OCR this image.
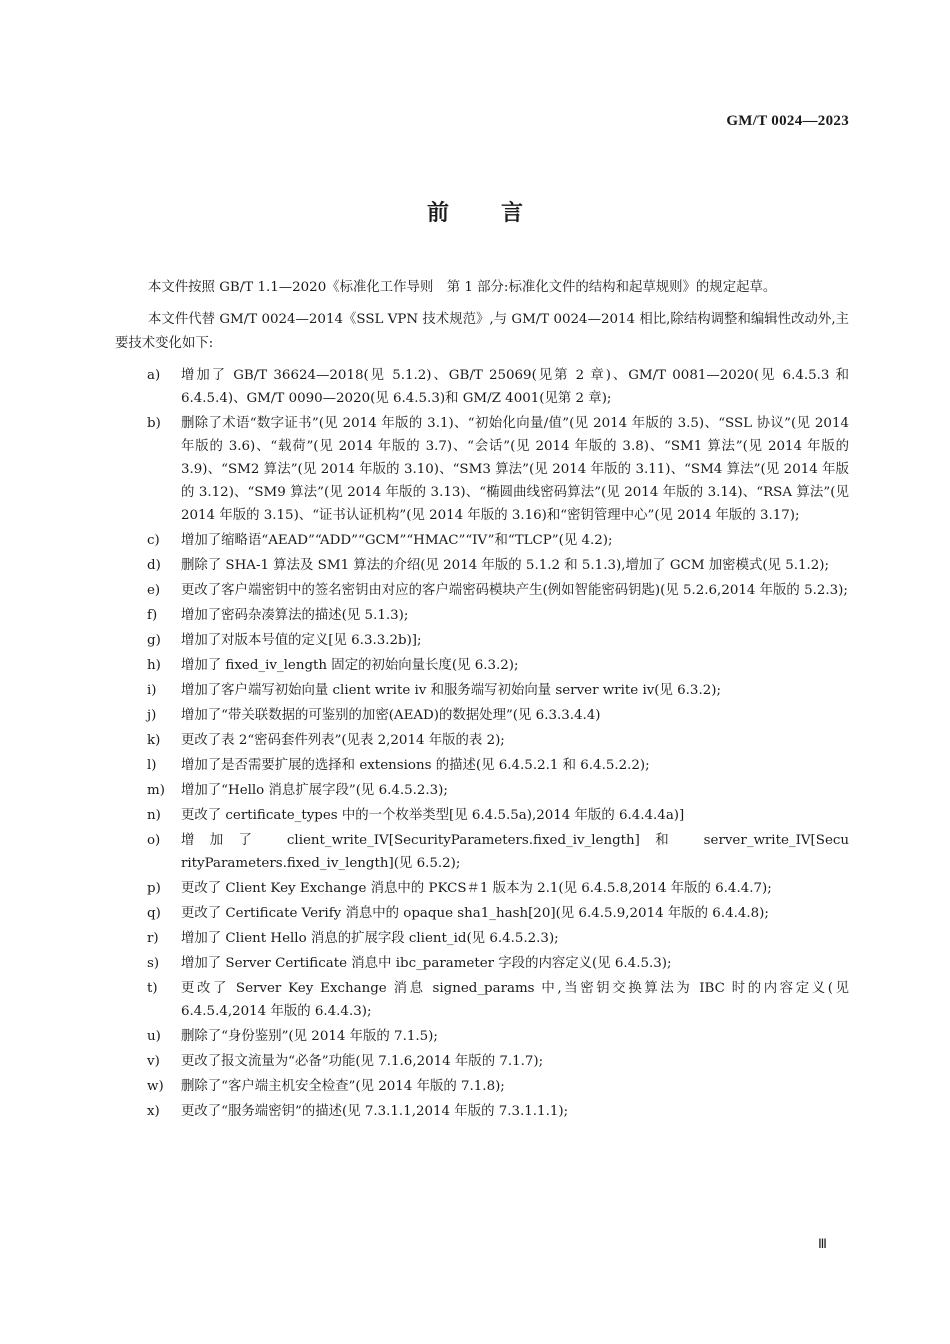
GM/T 0024—2023
前 言

本文件按照 GB/T 1.1—2020《标准化工作导则　第 1 部分:标准化文件的结构和起草规则》的规定起草。

本文件代替 GM/T 0024—2014《SSL VPN 技术规范》,与 GM/T 0024—2014 相比,除结构调整和编辑性改动外,主要技术变化如下:

a)	增加了 GB/T 36624—2018(见 5.1.2)、GB/T 25069(见第 2 章)、GM/T 0081—2020(见 6.4.5.3 和 6.4.5.4)、GM/T 0090—2020(见 6.4.5.3)和 GM/Z 4001(见第 2 章);
b)	删除了术语“数字证书”(见 2014 年版的 3.1)、“初始化向量/值”(见 2014 年版的 3.5)、“SSL 协议”(见 2014 年版的 3.6)、“载荷”(见 2014 年版的 3.7)、“会话”(见 2014 年版的 3.8)、“SM1 算法”(见 2014 年版的 3.9)、“SM2 算法”(见 2014 年版的 3.10)、“SM3 算法”(见 2014 年版的 3.11)、“SM4 算法”(见 2014 年版的 3.12)、“SM9 算法”(见 2014 年版的 3.13)、“椭圆曲线密码算法”(见 2014 年版的 3.14)、“RSA 算法”(见 2014 年版的 3.15)、“证书认证机构”(见 2014 年版的 3.16)和“密钥管理中心”(见 2014 年版的 3.17);
c)	增加了缩略语“AEAD”“ADD”“GCM”“HMAC”“IV”和“TLCP”(见 4.2);
d)	删除了 SHA-1 算法及 SM1 算法的介绍(见 2014 年版的 5.1.2 和 5.1.3),增加了 GCM 加密模式(见 5.1.2);
e)	更改了客户端密钥中的签名密钥由对应的客户端密码模块产生(例如智能密码钥匙)(见 5.2.6,2014 年版的 5.2.3);
f)	增加了密码杂凑算法的描述(见 5.1.3);
g)	增加了对版本号值的定义[见 6.3.3.2b)];
h)	增加了 fixed_iv_length 固定的初始向量长度(见 6.3.2);
i)	增加了客户端写初始向量 client write iv 和服务端写初始向量 server write iv(见 6.3.2);
j)	增加了“带关联数据的可鉴别的加密(AEAD)的数据处理”(见 6.3.3.4.4)
k)	更改了表 2“密码套件列表”(见表 2,2014 年版的表 2);
l)	增加了是否需要扩展的选择和 extensions 的描述(见 6.4.5.2.1 和 6.4.5.2.2);
m)	增加了“Hello 消息扩展字段”(见 6.4.5.2.3);
n)	更改了 certificate_types 中的一个枚举类型[见 6.4.5.5a),2014 年版的 6.4.4.4a)]
o)	增加了 client_write_IV[SecurityParameters.fixed_iv_length]和 server_write_IV[Secu rityParameters.fixed_iv_length](见 6.5.2);
p)	更改了 Client Key Exchange 消息中的 PKCS＃1 版本为 2.1(见 6.4.5.8,2014 年版的 6.4.4.7);
q)	更改了 Certificate Verify 消息中的 opaque sha1_hash[20](见 6.4.5.9,2014 年版的 6.4.4.8);
r)	增加了 Client Hello 消息的扩展字段 client_id(见 6.4.5.2.3);
s)	增加了 Server Certificate 消息中 ibc_parameter 字段的内容定义(见 6.4.5.3);
t)	更改了 Server Key Exchange 消息 signed_params 中,当密钥交换算法为 IBC 时的内容定义(见 6.4.5.4,2014 年版的 6.4.4.3);
u)	删除了“身份鉴别”(见 2014 年版的 7.1.5);
v)	更改了报文流量为“必备”功能(见 7.1.6,2014 年版的 7.1.7);
w)	删除了“客户端主机安全检查”(见 2014 年版的 7.1.8);
x)	更改了“服务端密钥”的描述(见 7.3.1.1,2014 年版的 7.3.1.1.1);
Ⅲ
